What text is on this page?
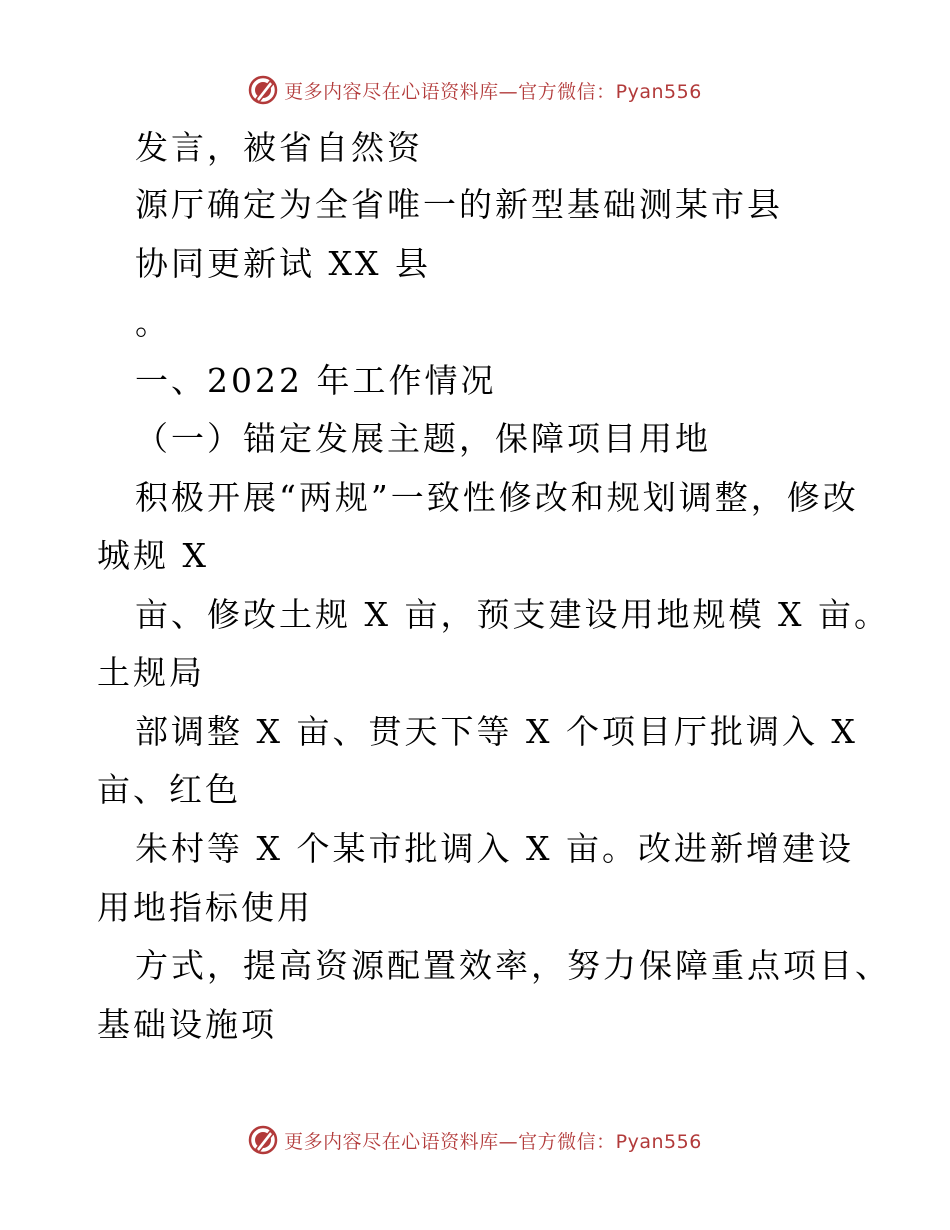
更多内容尽在心语资料库—官方微信：Pyan556
发言，被省自然资
源厅确定为全省唯一的新型基础测某市县
协同更新试 XX 县
。
一、2022 年工作情况
（一）锚定发展主题，保障项目用地
积极开展“两规”一致性修改和规划调整，修改
城规 X
亩、修改土规 X 亩，预支建设用地规模 X 亩。
土规局
部调整 X 亩、贯天下等 X 个项目厅批调入 X
亩、红色
朱村等 X 个某市批调入 X 亩。改进新增建设
用地指标使用
方式，提高资源配置效率，努力保障重点项目、
基础设施项
更多内容尽在心语资料库—官方微信：Pyan556
